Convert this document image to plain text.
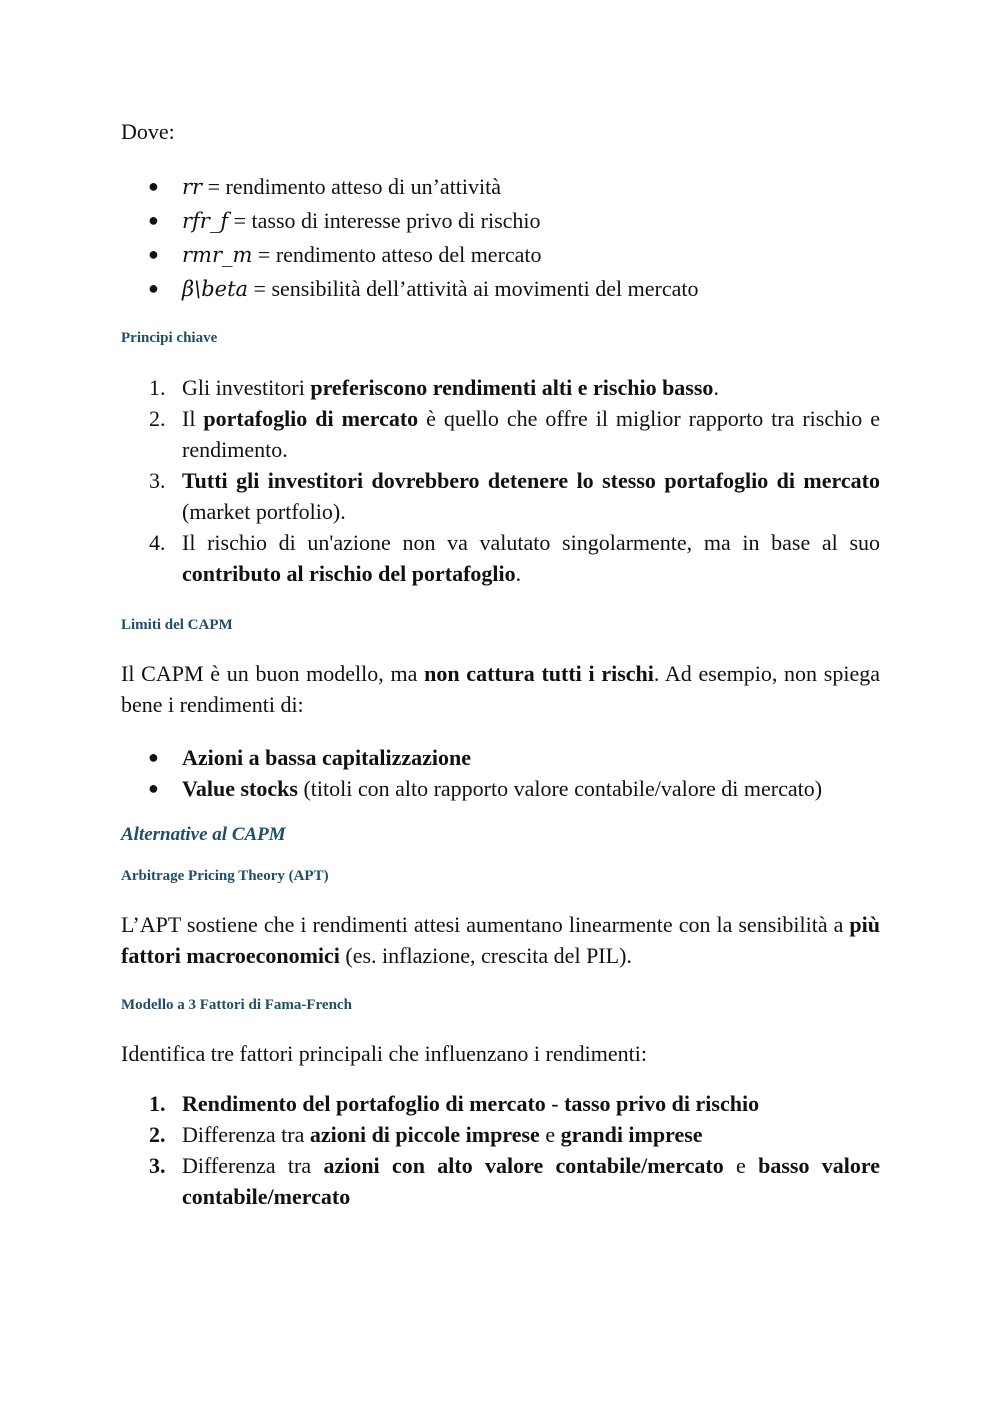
Dove:

● rr = rendimento atteso di un’attività
● rfr_f = tasso di interesse privo di rischio
● rmr_m = rendimento atteso del mercato
● β\beta = sensibilità dell’attività ai movimenti del mercato
Principi chiave
1. Gli investitori preferiscono rendimenti alti e rischio basso.
2. Il portafoglio di mercato è quello che offre il miglior rapporto tra rischio e rendimento.
3. Tutti gli investitori dovrebbero detenere lo stesso portafoglio di mercato (market portfolio).
4. Il rischio di un'azione non va valutato singolarmente, ma in base al suo contributo al rischio del portafoglio.
Limiti del CAPM

Il CAPM è un buon modello, ma non cattura tutti i rischi. Ad esempio, non spiega bene i rendimenti di:

● Azioni a bassa capitalizzazione
● Value stocks (titoli con alto rapporto valore contabile/valore di mercato)
Alternative al CAPM
Arbitrage Pricing Theory (APT)

L’APT sostiene che i rendimenti attesi aumentano linearmente con la sensibilità a più fattori macroeconomici (es. inflazione, crescita del PIL).

Modello a 3 Fattori di Fama-French

Identifica tre fattori principali che influenzano i rendimenti:

1. Rendimento del portafoglio di mercato - tasso privo di rischio
2. Differenza tra azioni di piccole imprese e grandi imprese
3. Differenza tra azioni con alto valore contabile/mercato e basso valore contabile/mercato
